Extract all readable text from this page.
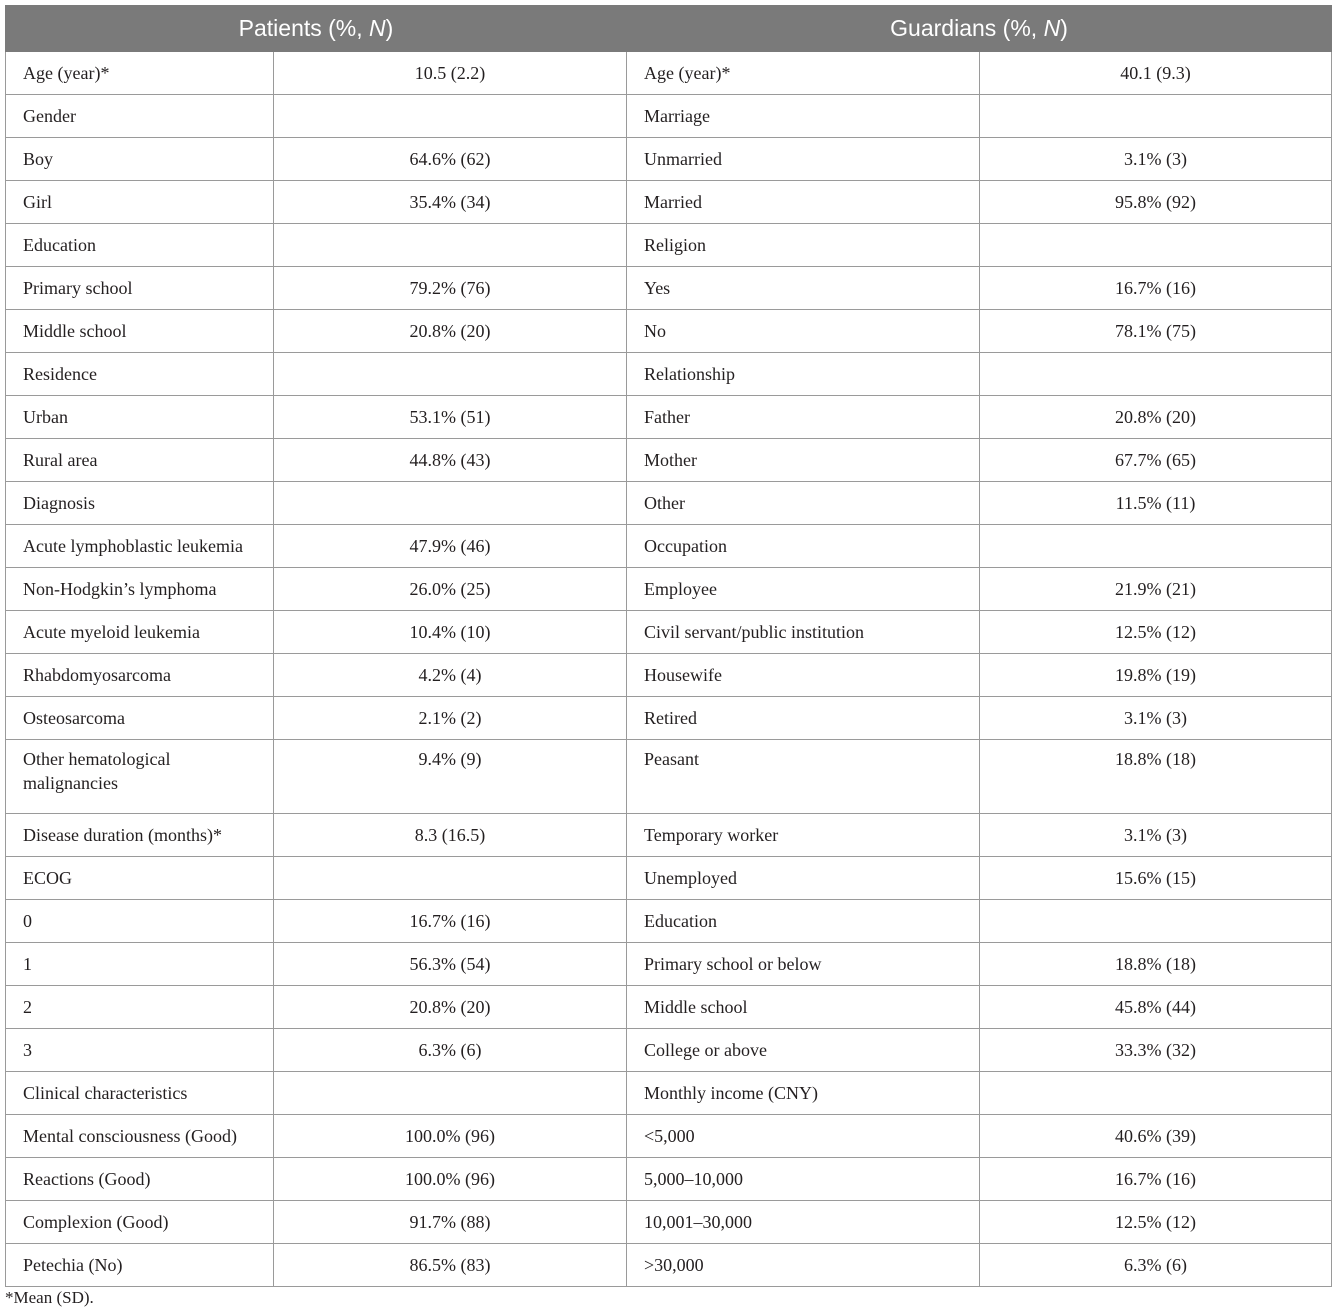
Patients (%, N)		Guardians (%, N)	
Age (year)*	10.5 (2.2)	Age (year)*	40.1 (9.3)
Gender		Marriage	
Boy	64.6% (62)	Unmarried	3.1% (3)
Girl	35.4% (34)	Married	95.8% (92)
Education		Religion	
Primary school	79.2% (76)	Yes	16.7% (16)
Middle school	20.8% (20)	No	78.1% (75)
Residence		Relationship	
Urban	53.1% (51)	Father	20.8% (20)
Rural area	44.8% (43)	Mother	67.7% (65)
Diagnosis		Other	11.5% (11)
Acute lymphoblastic leukemia	47.9% (46)	Occupation	
Non-Hodgkin’s lymphoma	26.0% (25)	Employee	21.9% (21)
Acute myeloid leukemia	10.4% (10)	Civil servant/public institution	12.5% (12)
Rhabdomyosarcoma	4.2% (4)	Housewife	19.8% (19)
Osteosarcoma	2.1% (2)	Retired	3.1% (3)
Other hematological malignancies	9.4% (9)	Peasant	18.8% (18)
Disease duration (months)*	8.3 (16.5)	Temporary worker	3.1% (3)
ECOG		Unemployed	15.6% (15)
0	16.7% (16)	Education	
1	56.3% (54)	Primary school or below	18.8% (18)
2	20.8% (20)	Middle school	45.8% (44)
3	6.3% (6)	College or above	33.3% (32)
Clinical characteristics		Monthly income (CNY)	
Mental consciousness (Good)	100.0% (96)	<5,000	40.6% (39)
Reactions (Good)	100.0% (96)	5,000–10,000	16.7% (16)
Complexion (Good)	91.7% (88)	10,001–30,000	12.5% (12)
Petechia (No)	86.5% (83)	>30,000	6.3% (6)
*Mean (SD).
